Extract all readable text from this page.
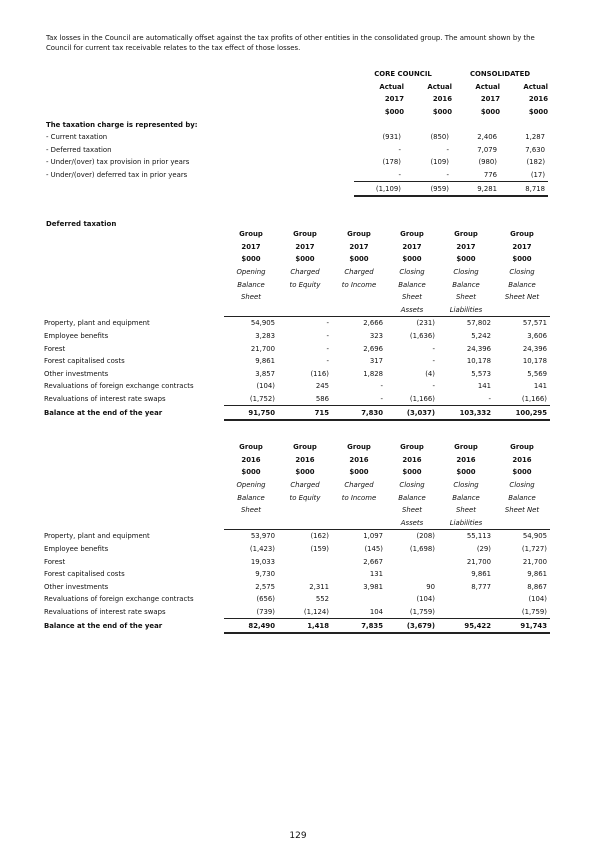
Tax losses in the Council are automatically offset against the tax profits of other entities in the consolidated group. The amount shown by the Council for current tax receivable relates to the tax effect of those losses.
	CORE COUNCIL		CONSOLIDATED	
	Actual	Actual	Actual	Actual
	2017	2016	2017	2016
	$000	$000	$000	$000
The taxation charge is represented by:				
- Current taxation	(931)	(850)	2,406	1,287
- Deferred taxation	-	-	7,079	7,630
- Under/(over) tax provision in prior years	(178)	(109)	(980)	(182)
- Under/(over) deferred tax in prior years	-	-	776	(17)
	(1,109)	(959)	9,281	8,718
Deferred taxation
	Group	Group	Group	Group	Group	Group
	2017	2017	2017	2017	2017	2017
	$000	$000	$000	$000	$000	$000
	Opening	Charged	Charged	Closing	Closing	Closing
	Balance	to Equity	to Income	Balance	Balance	Balance
	Sheet			Sheet	Sheet	Sheet Net
				Assets	Liabilities	
Property, plant and equipment	54,905	-	2,666	(231)	57,802	57,571
Employee benefits	3,283	-	323	(1,636)	5,242	3,606
Forest	21,700	-	2,696	-	24,396	24,396
Forest capitalised costs	9,861	-	317	-	10,178	10,178
Other investments	3,857	(116)	1,828	(4)	5,573	5,569
Revaluations of foreign exchange contracts	(104)	245	-	-	141	141
Revaluations of interest rate swaps	(1,752)	586	-	(1,166)	-	(1,166)
Balance at the end of the year	91,750	715	7,830	(3,037)	103,332	100,295
	Group	Group	Group	Group	Group	Group
	2016	2016	2016	2016	2016	2016
	$000	$000	$000	$000	$000	$000
	Opening	Charged	Charged	Closing	Closing	Closing
	Balance	to Equity	to Income	Balance	Balance	Balance
	Sheet			Sheet	Sheet	Sheet Net
				Assets	Liabilities	
Property, plant and equipment	53,970	(162)	1,097	(208)	55,113	54,905
Employee benefits	(1,423)	(159)	(145)	(1,698)	(29)	(1,727)
Forest	19,033		2,667		21,700	21,700
Forest capitalised costs	9,730		131		9,861	9,861
Other investments	2,575	2,311	3,981	90	8,777	8,867
Revaluations of foreign exchange contracts	(656)	552		(104)		(104)
Revaluations of interest rate swaps	(739)	(1,124)	104	(1,759)		(1,759)
Balance at the end of the year	82,490	1,418	7,835	(3,679)	95,422	91,743
129
